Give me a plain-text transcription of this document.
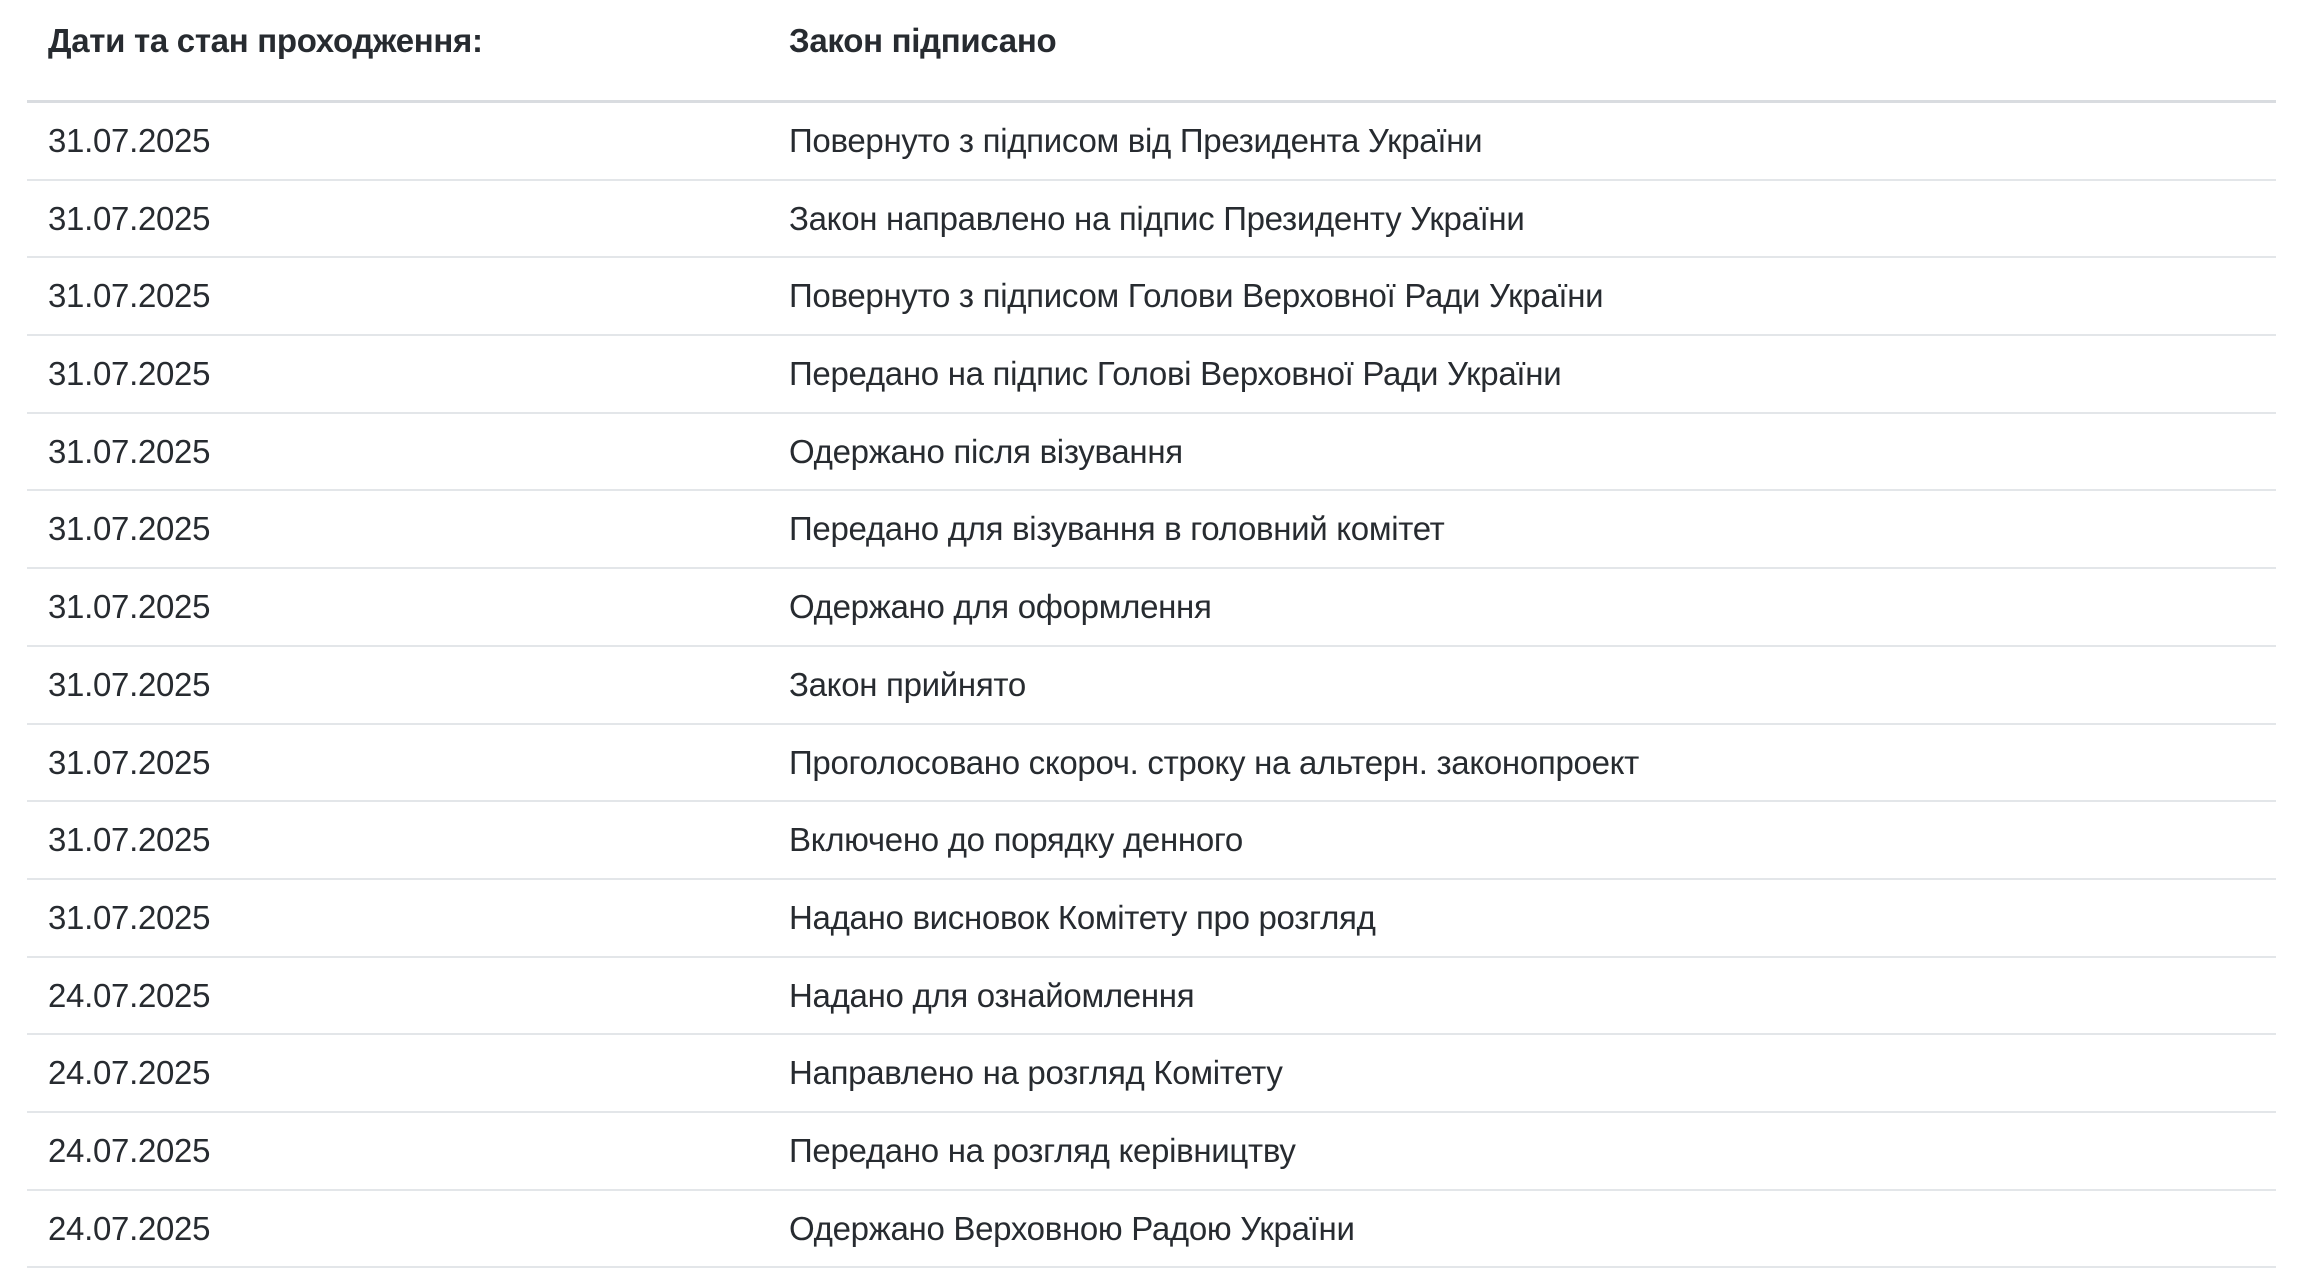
Дати та стан проходження:	Закон підписано
31.07.2025	Повернуто з підписом від Президента України
31.07.2025	Закон направлено на підпис Президенту України
31.07.2025	Повернуто з підписом Голови Верховної Ради України
31.07.2025	Передано на підпис Голові Верховної Ради України
31.07.2025	Одержано після візування
31.07.2025	Передано для візування в головний комітет
31.07.2025	Одержано для оформлення
31.07.2025	Закон прийнято
31.07.2025	Проголосовано скороч. строку на альтерн. законопроект
31.07.2025	Включено до порядку денного
31.07.2025	Надано висновок Комітету про розгляд
24.07.2025	Надано для ознайомлення
24.07.2025	Направлено на розгляд Комітету
24.07.2025	Передано на розгляд керівництву
24.07.2025	Одержано Верховною Радою України
